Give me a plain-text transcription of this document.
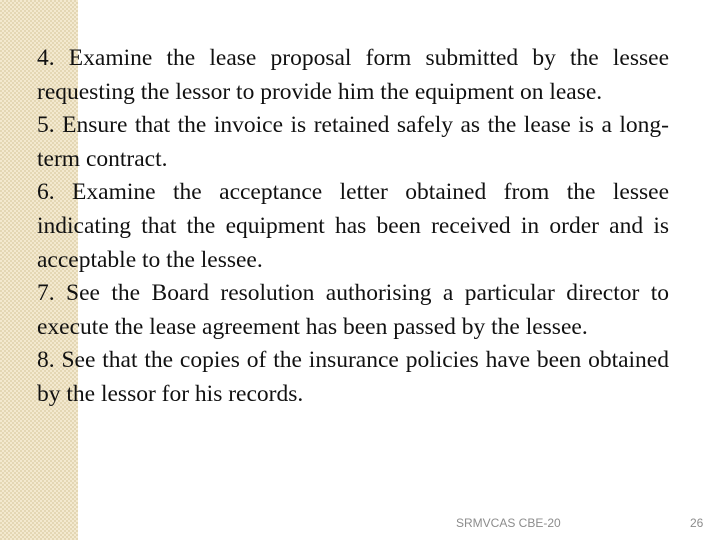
4. Examine the lease proposal form submitted by the lessee requesting the lessor to provide him the equipment on lease.

5. Ensure that the invoice is retained safely as the lease is a long-term contract.

6. Examine the acceptance letter obtained from the lessee indicating that the equipment has been received in order and is acceptable to the lessee.

7. See the Board resolution authorising a particular director to execute the lease agreement has been passed by the lessee.

8. See that the copies of the insurance policies have been obtained by the lessor for his records.

SRMVCAS CBE-20	26
